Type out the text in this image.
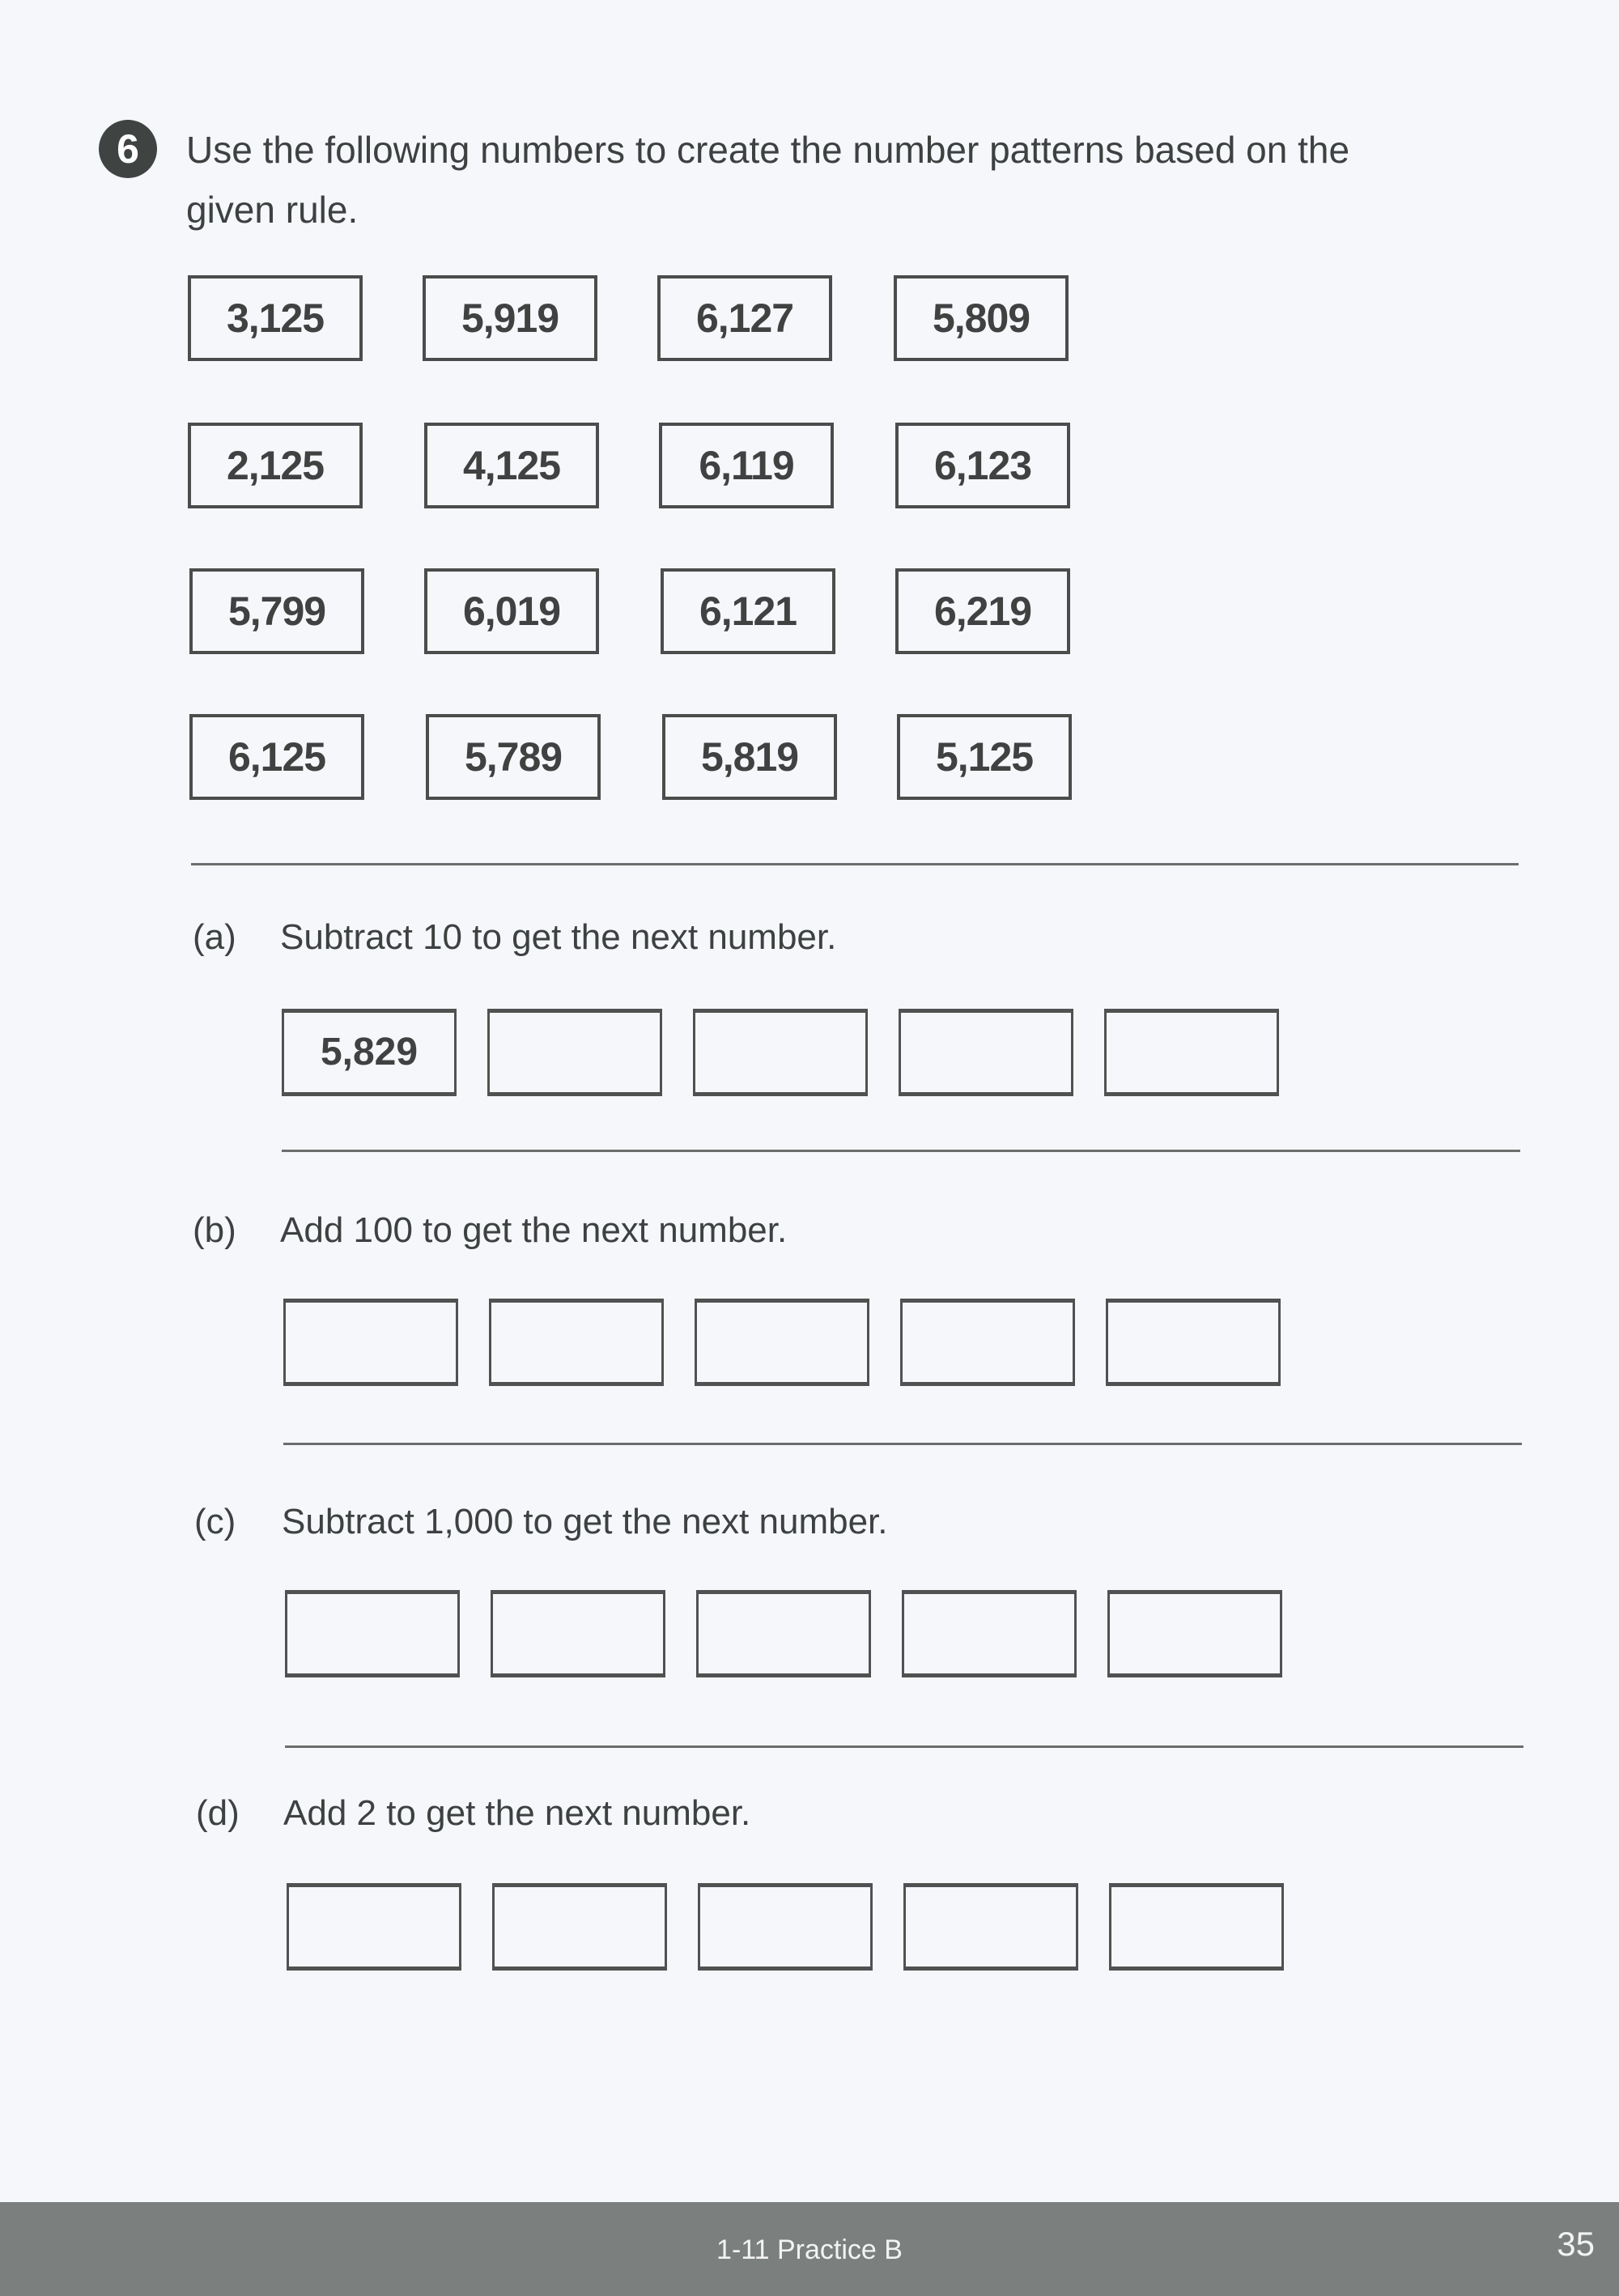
6	Use the following numbers to create the number patterns based on the given rule.
3,125	5,919	6,127	5,809
2,125	4,125	6,119	6,123
5,799	6,019	6,121	6,219
6,125	5,789	5,819	5,125
(a) Subtract 10 to get the next number.
5,829
(b) Add 100 to get the next number.
(c) Subtract 1,000 to get the next number.
(d) Add 2 to get the next number.
1-11 Practice B	35
